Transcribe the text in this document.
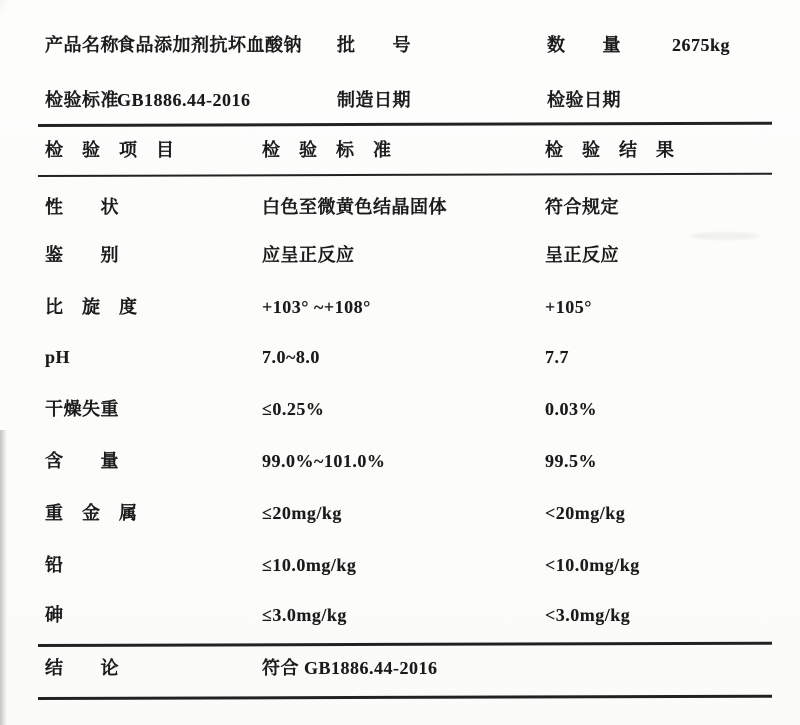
产品名称
食品添加剂抗坏血酸钠 批　　号	数　　量	2675kg
检验标准
GB1886.44-2016	制造日期	检验日期
检　验　项　目	检　验　标　准	检　验　结　果
性　　状	白色至微黄色结晶固体	符合规定
鉴　　别	应呈正反应	呈正反应
比　旋　度	+103° ~+108°	+105°
pH	7.0~8.0	7.7
干燥失重	≤0.25%	0.03%
含　　量	99.0%~101.0%	99.5%
重　金　属	≤20mg/kg	<20mg/kg
铅	≤10.0mg/kg	<10.0mg/kg
砷	≤3.0mg/kg	<3.0mg/kg
结　　论	符合 GB1886.44-2016
